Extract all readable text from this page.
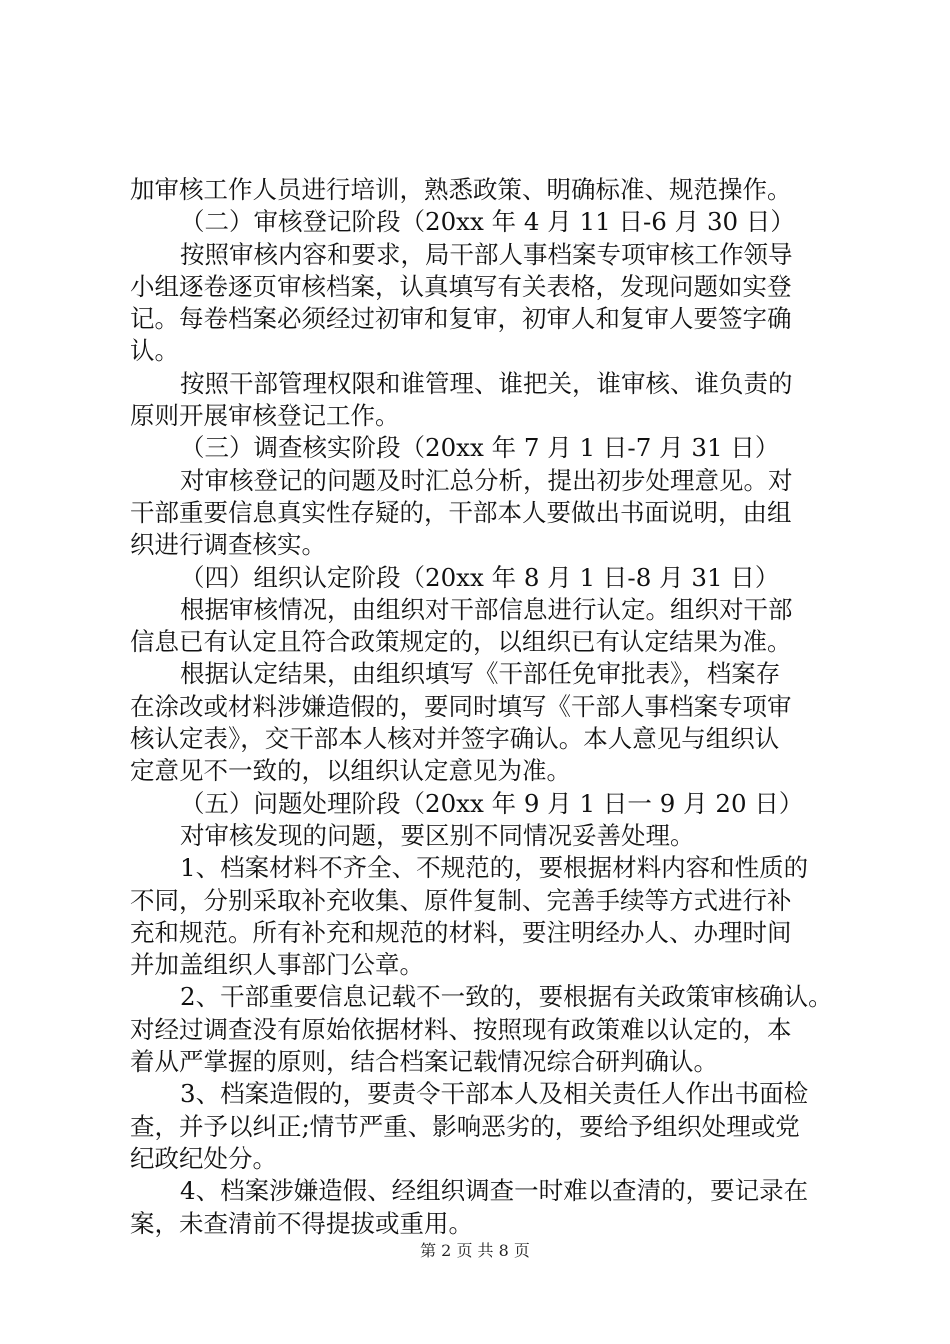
加审核工作人员进行培训，熟悉政策、明确标准、规范操作。
（二）审核登记阶段（20xx 年 4 月 11 日-6 月 30 日）
按照审核内容和要求，局干部人事档案专项审核工作领导
小组逐卷逐页审核档案，认真填写有关表格，发现问题如实登
记。每卷档案必须经过初审和复审，初审人和复审人要签字确
认。
按照干部管理权限和谁管理、谁把关，谁审核、谁负责的
原则开展审核登记工作。
（三）调查核实阶段（20xx 年 7 月 1 日-7 月 31 日）
对审核登记的问题及时汇总分析，提出初步处理意见。对
干部重要信息真实性存疑的，干部本人要做出书面说明，由组
织进行调查核实。
（四）组织认定阶段（20xx 年 8 月 1 日-8 月 31 日）
根据审核情况，由组织对干部信息进行认定。组织对干部
信息已有认定且符合政策规定的，以组织已有认定结果为准。
根据认定结果，由组织填写《干部任免审批表》，档案存
在涂改或材料涉嫌造假的，要同时填写《干部人事档案专项审
核认定表》，交干部本人核对并签字确认。本人意见与组织认
定意见不一致的，以组织认定意见为准。
（五）问题处理阶段（20xx 年 9 月 1 日一 9 月 20 日）
对审核发现的问题，要区别不同情况妥善处理。
1、档案材料不齐全、不规范的，要根据材料内容和性质的
不同，分别采取补充收集、原件复制、完善手续等方式进行补
充和规范。所有补充和规范的材料，要注明经办人、办理时间
并加盖组织人事部门公章。
2、干部重要信息记载不一致的，要根据有关政策审核确认。
对经过调查没有原始依据材料、按照现有政策难以认定的，本
着从严掌握的原则，结合档案记载情况综合研判确认。
3、档案造假的，要责令干部本人及相关责任人作出书面检
查，并予以纠正;情节严重、影响恶劣的，要给予组织处理或党
纪政纪处分。
4、档案涉嫌造假、经组织调查一时难以查清的，要记录在
案，未查清前不得提拔或重用。
第 2 页 共 8 页
